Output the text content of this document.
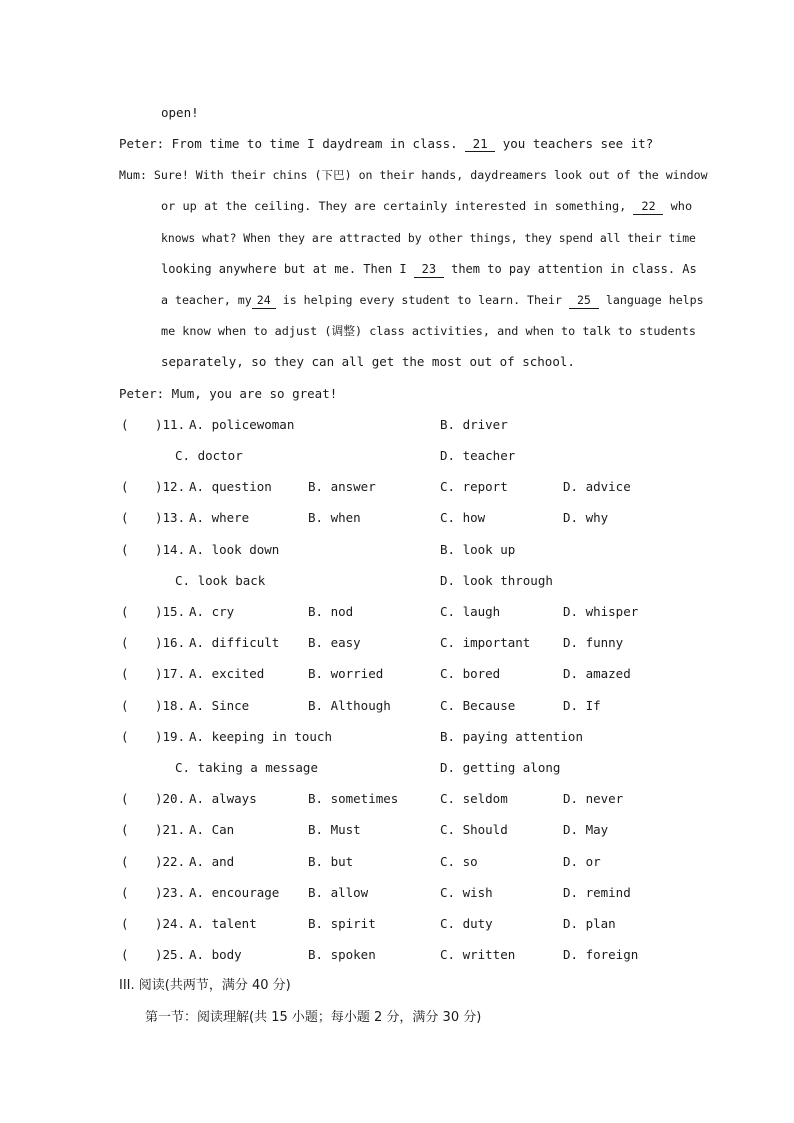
open!
Peter: From time to time I daydream in class. 21 you teachers see it?
Mum: Sure! With their chins (下巴) on their hands, daydreamers look out of the window
or up at the ceiling. They are certainly interested in something, 22 who
knows what? When they are attracted by other things, they spend all their time
looking anywhere but at me. Then I 23 them to pay attention in class. As
a teacher, my 24 is helping every student to learn. Their 25 language helps
me know when to adjust (调整) class activities, and when to talk to students
separately, so they can all get the most out of school.
Peter: Mum, you are so great!
( )11. A. policewoman	B. driver
C. doctor	D. teacher
( )12. A. question	B. answer	C. report	D. advice
( )13. A. where	B. when	C. how	D. why
( )14. A. look down	B. look up
C. look back	D. look through
( )15. A. cry	B. nod	C. laugh	D. whisper
( )16. A. difficult B. easy	C. important	D. funny
( )17. A. excited	B. worried	C. bored	D. amazed
( )18. A. Since	B. Although	C. Because	D. If
( )19. A. keeping in touch	B. paying attention
C. taking a message	D. getting along
( )20. A. always	B. sometimes	C. seldom	D. never
( )21. A. Can	B. Must	C. Should	D. May
( )22. A. and	B. but	C. so	D. or
( )23. A. encourage B. allow	C. wish	D. remind
( )24. A. talent	B. spirit	C. duty	D. plan
( )25. A. body	B. spoken	C. written	D. foreign
III. 阅读(共两节，满分 40 分)
第一节：阅读理解(共 15 小题；每小题 2 分，满分 30 分)
